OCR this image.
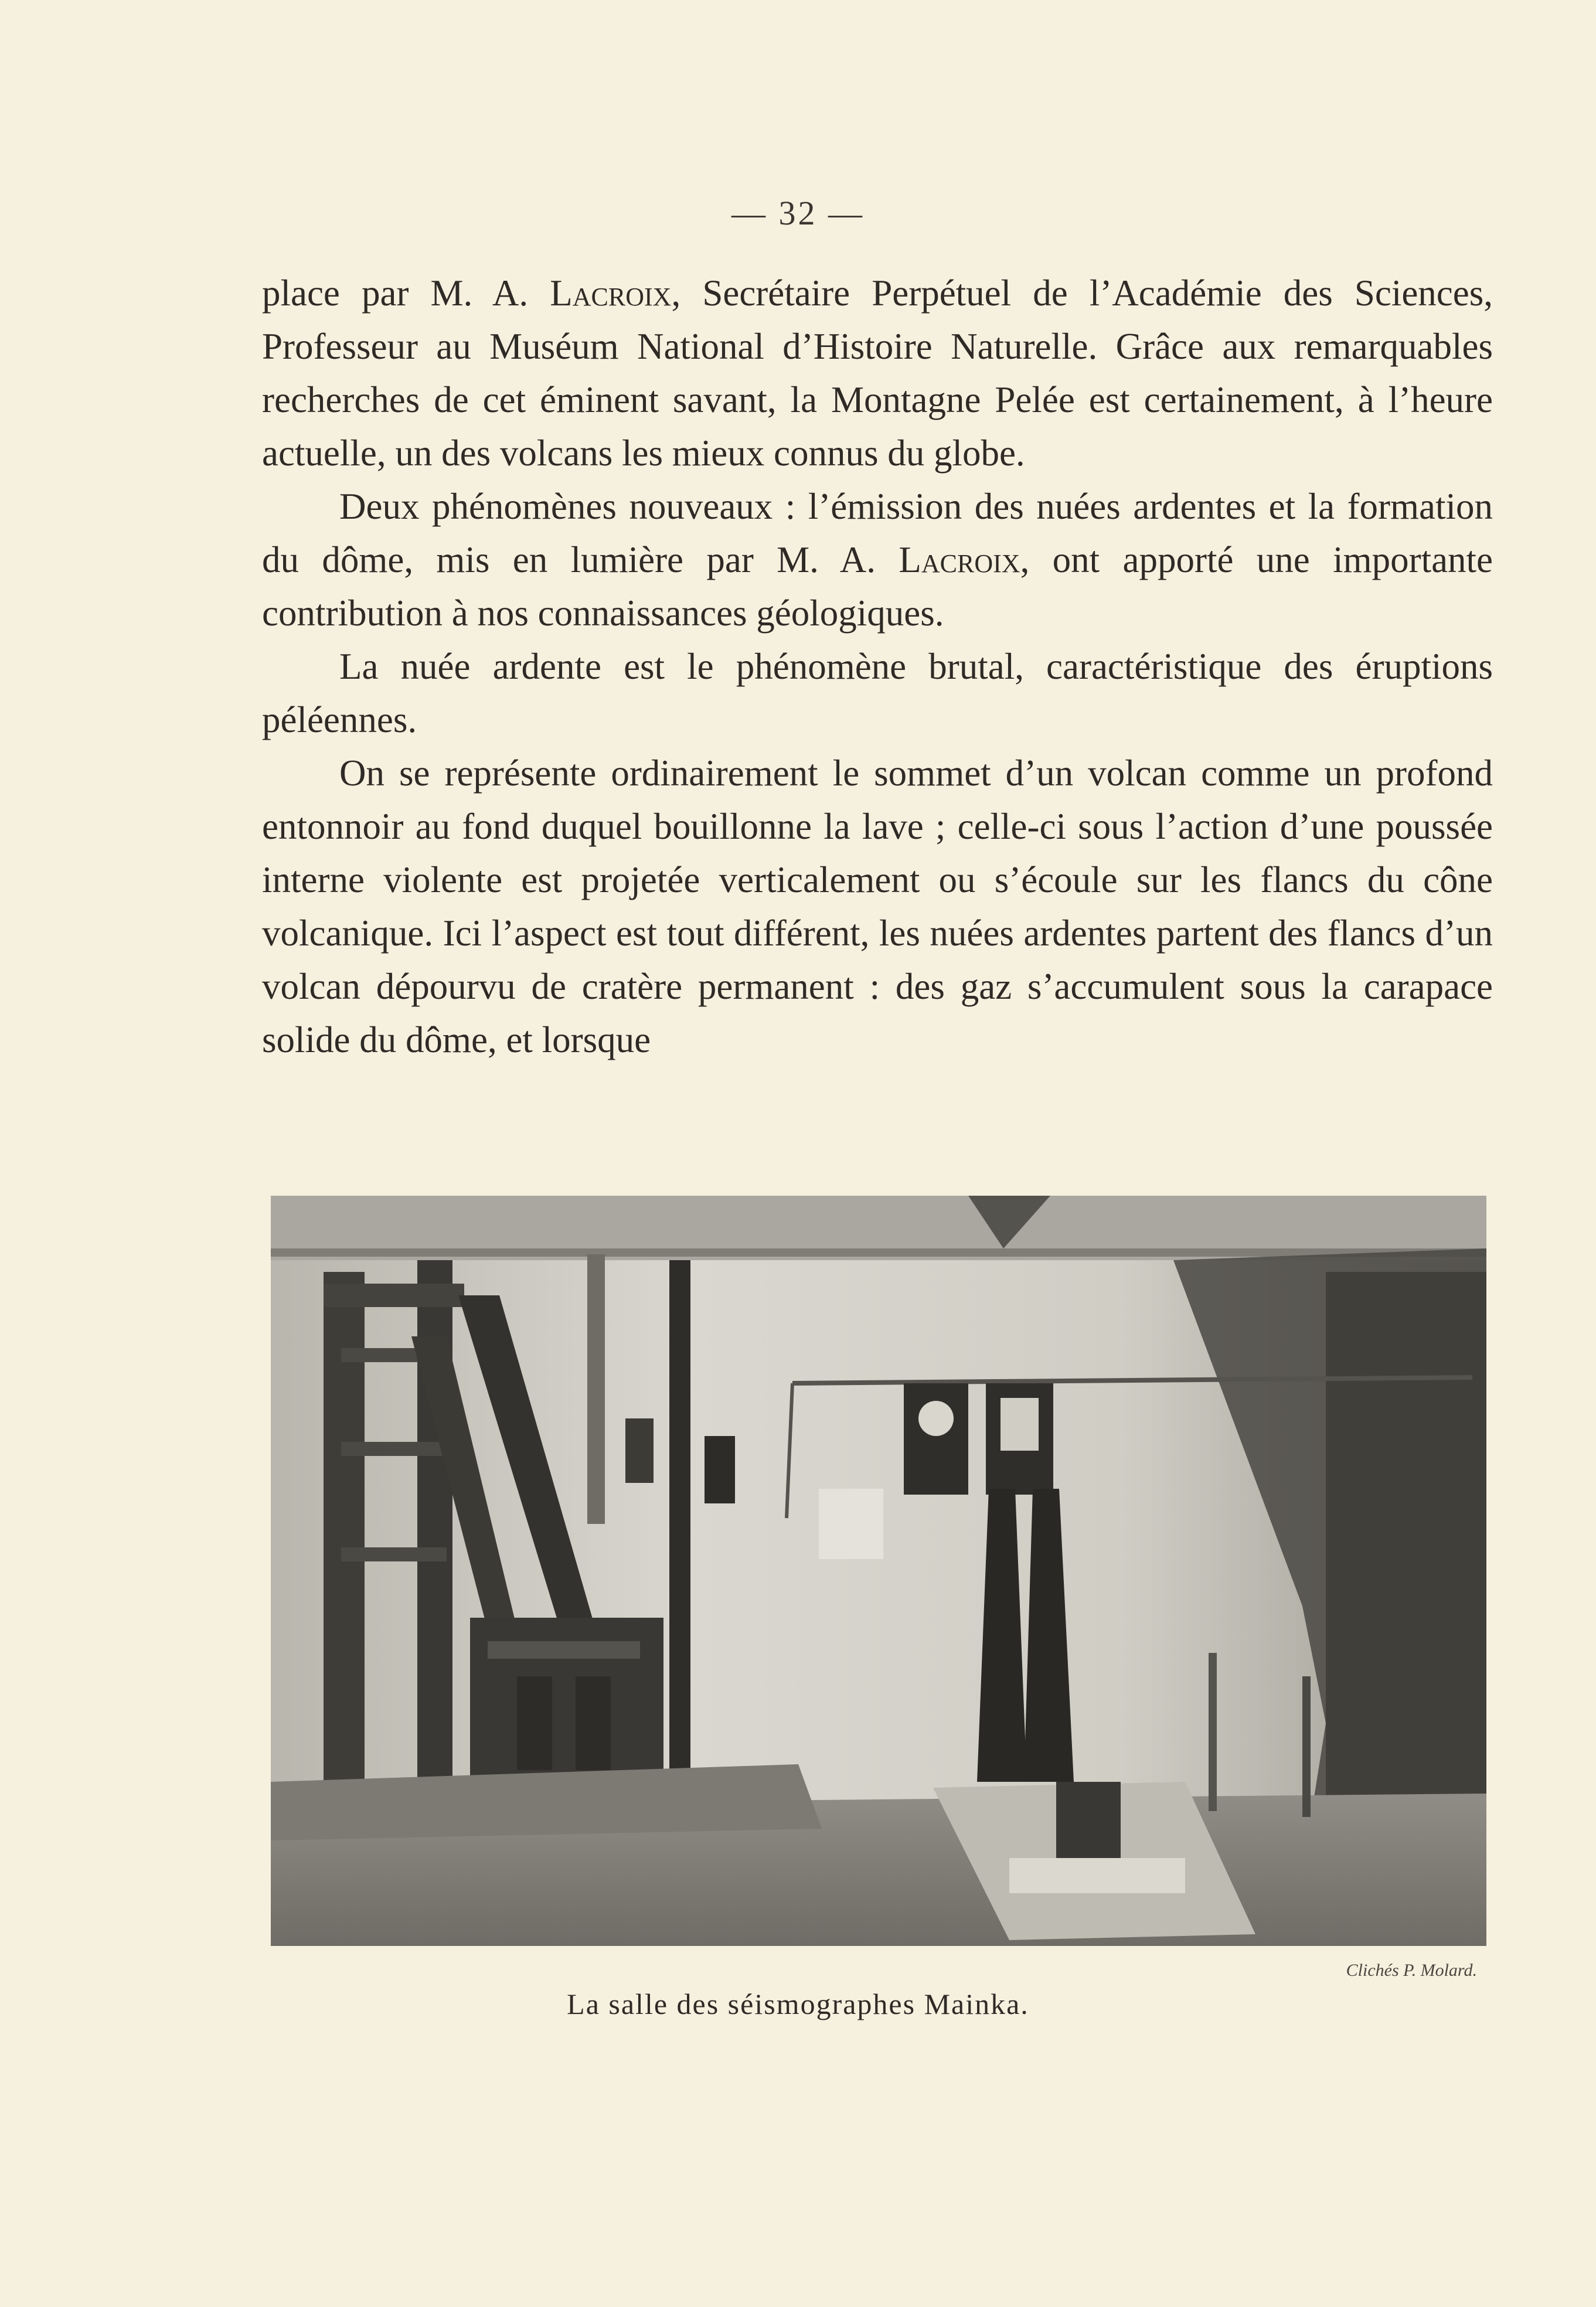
— 32 —

place par M. A. Lacroix, Secrétaire Perpétuel de l’Académie des Sciences, Professeur au Muséum National d’Histoire Naturelle. Grâce aux remarquables recherches de cet éminent savant, la Montagne Pelée est certainement, à l’heure actuelle, un des volcans les mieux connus du globe.

Deux phénomènes nouveaux : l’émission des nuées ardentes et la formation du dôme, mis en lumière par M. A. Lacroix, ont apporté une importante contribution à nos connaissances géologiques.

La nuée ardente est le phénomène brutal, caractéristique des éruptions péléennes.

On se représente ordinairement le sommet d’un volcan comme un profond entonnoir au fond duquel bouillonne la lave ; celle-ci sous l’action d’une poussée interne violente est projetée verticalement ou s’écoule sur les flancs du cône volcanique. Ici l’aspect est tout différent, les nuées ardentes partent des flancs d’un volcan dépourvu de cratère permanent : des gaz s’accumulent sous la carapace solide du dôme, et lorsque

Clichés P. Molard.
La salle des séismographes Mainka.
